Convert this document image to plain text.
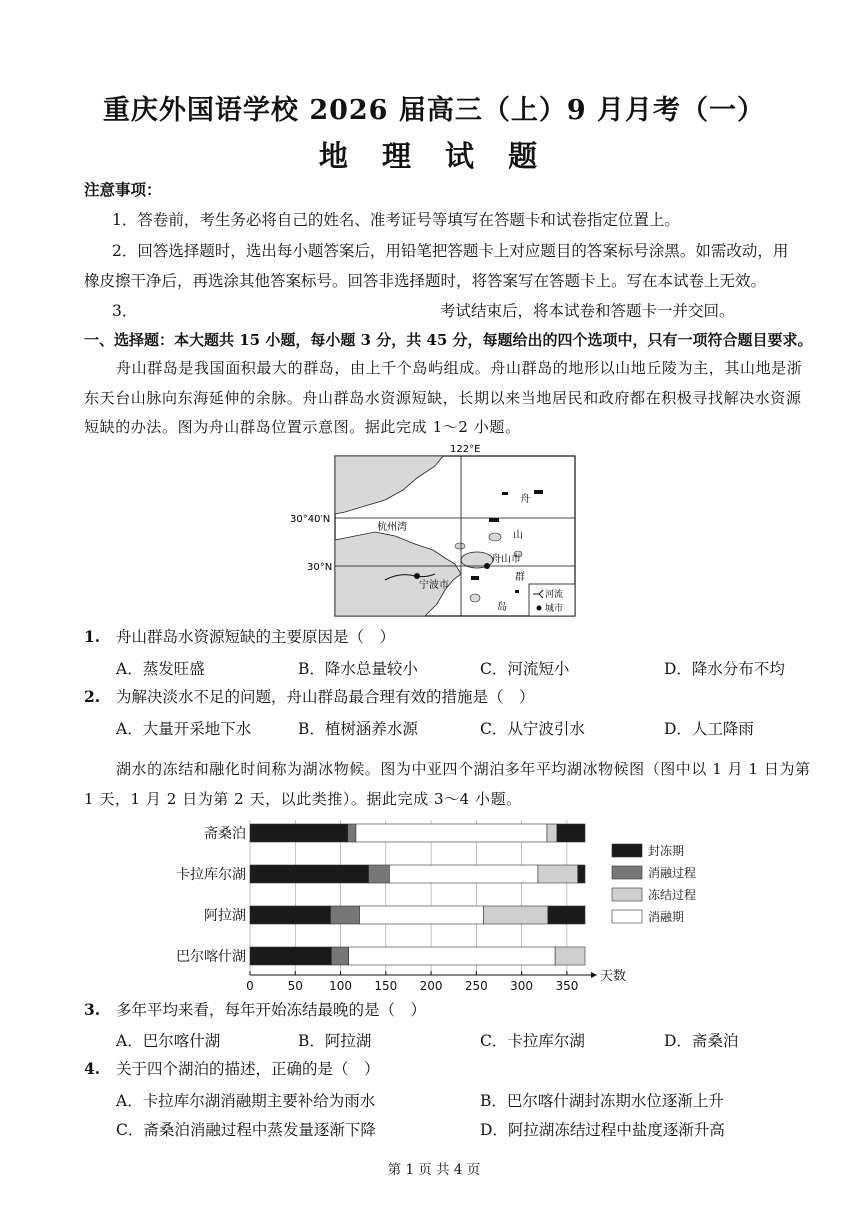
重庆外国语学校 2026 届高三（上）9 月月考（一）
地 理 试 题
注意事项：
1．答卷前，考生务必将自己的姓名、准考证号等填写在答题卡和试卷指定位置上。
2．回答选择题时，选出每小题答案后，用铅笔把答题卡上对应题目的答案标号涂黑。如需改动，用
橡皮擦干净后，再选涂其他答案标号。回答非选择题时，将答案写在答题卡上。写在本试卷上无效。
3．	考试结束后，将本试卷和答题卡一并交回。
一、选择题：本大题共 15 小题，每小题 3 分，共 45 分，每题给出的四个选项中，只有一项符合题目要求。
舟山群岛是我国面积最大的群岛，由上千个岛屿组成。舟山群岛的地形以山地丘陵为主，其山地是浙
东天台山脉向东海延伸的余脉。舟山群岛水资源短缺，长期以来当地居民和政府都在积极寻找解决水资源
短缺的办法。图为舟山群岛位置示意图。据此完成 1～2 小题。
122°E
30°40′N
30°N
杭州湾
宁波市
舟山市
舟
山
群
岛
河流
城市
1. 舟山群岛水资源短缺的主要原因是（　）
A．蒸发旺盛	B．降水总量较小	C．河流短小	D．降水分布不均
2. 为解决淡水不足的问题，舟山群岛最合理有效的措施是（　）
A．大量开采地下水	B．植树涵养水源	C．从宁波引水	D．人工降雨
湖水的冻结和融化时间称为湖冰物候。图为中亚四个湖泊多年平均湖冰物候图（图中以 1 月 1 日为第
1 天，1 月 2 日为第 2 天，以此类推）。据此完成 3～4 小题。
斋桑泊
卡拉库尔湖
阿拉湖
巴尔喀什湖
0	50 100 150 200 250 300 350
天数
封冻期
消融过程
冻结过程
消融期
3. 多年平均来看，每年开始冻结最晚的是（　）
A．巴尔喀什湖	B．阿拉湖	C．卡拉库尔湖	D．斋桑泊
4. 关于四个湖泊的描述，正确的是（　）
A．卡拉库尔湖消融期主要补给为雨水	B．巴尔喀什湖封冻期水位逐渐上升
C．斋桑泊消融过程中蒸发量逐渐下降	D．阿拉湖冻结过程中盐度逐渐升高
第 1 页 共 4 页
